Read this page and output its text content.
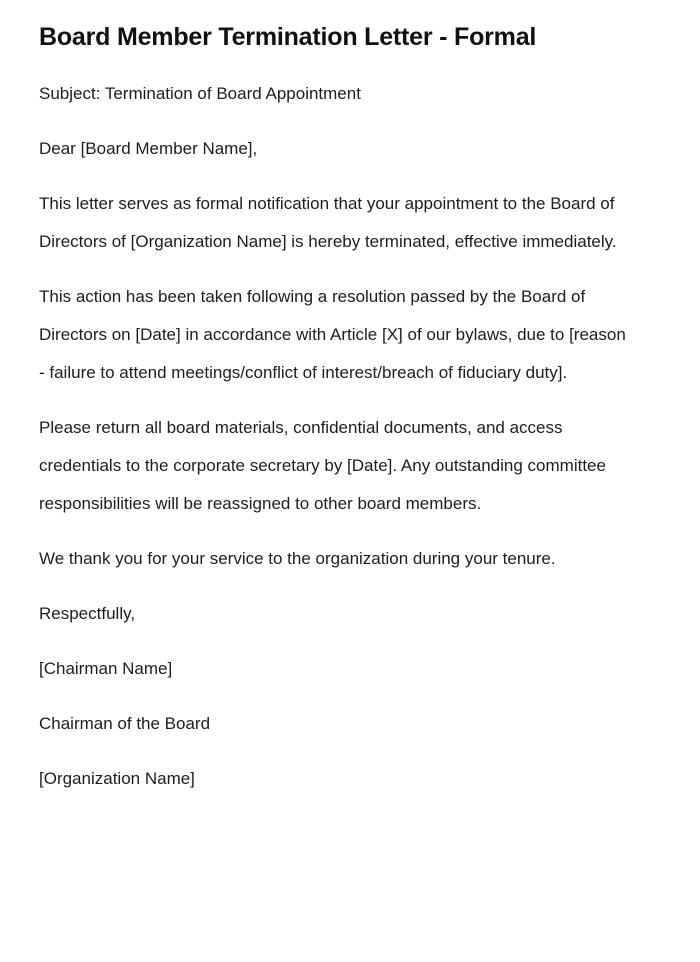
Board Member Termination Letter - Formal

Subject: Termination of Board Appointment

Dear [Board Member Name],

This letter serves as formal notification that your appointment to the Board of Directors of [Organization Name] is hereby terminated, effective immediately.

This action has been taken following a resolution passed by the Board of Directors on [Date] in accordance with Article [X] of our bylaws, due to [reason - failure to attend meetings/conflict of interest/breach of fiduciary duty].

Please return all board materials, confidential documents, and access credentials to the corporate secretary by [Date]. Any outstanding committee responsibilities will be reassigned to other board members.

We thank you for your service to the organization during your tenure.

Respectfully,

[Chairman Name]

Chairman of the Board

[Organization Name]
